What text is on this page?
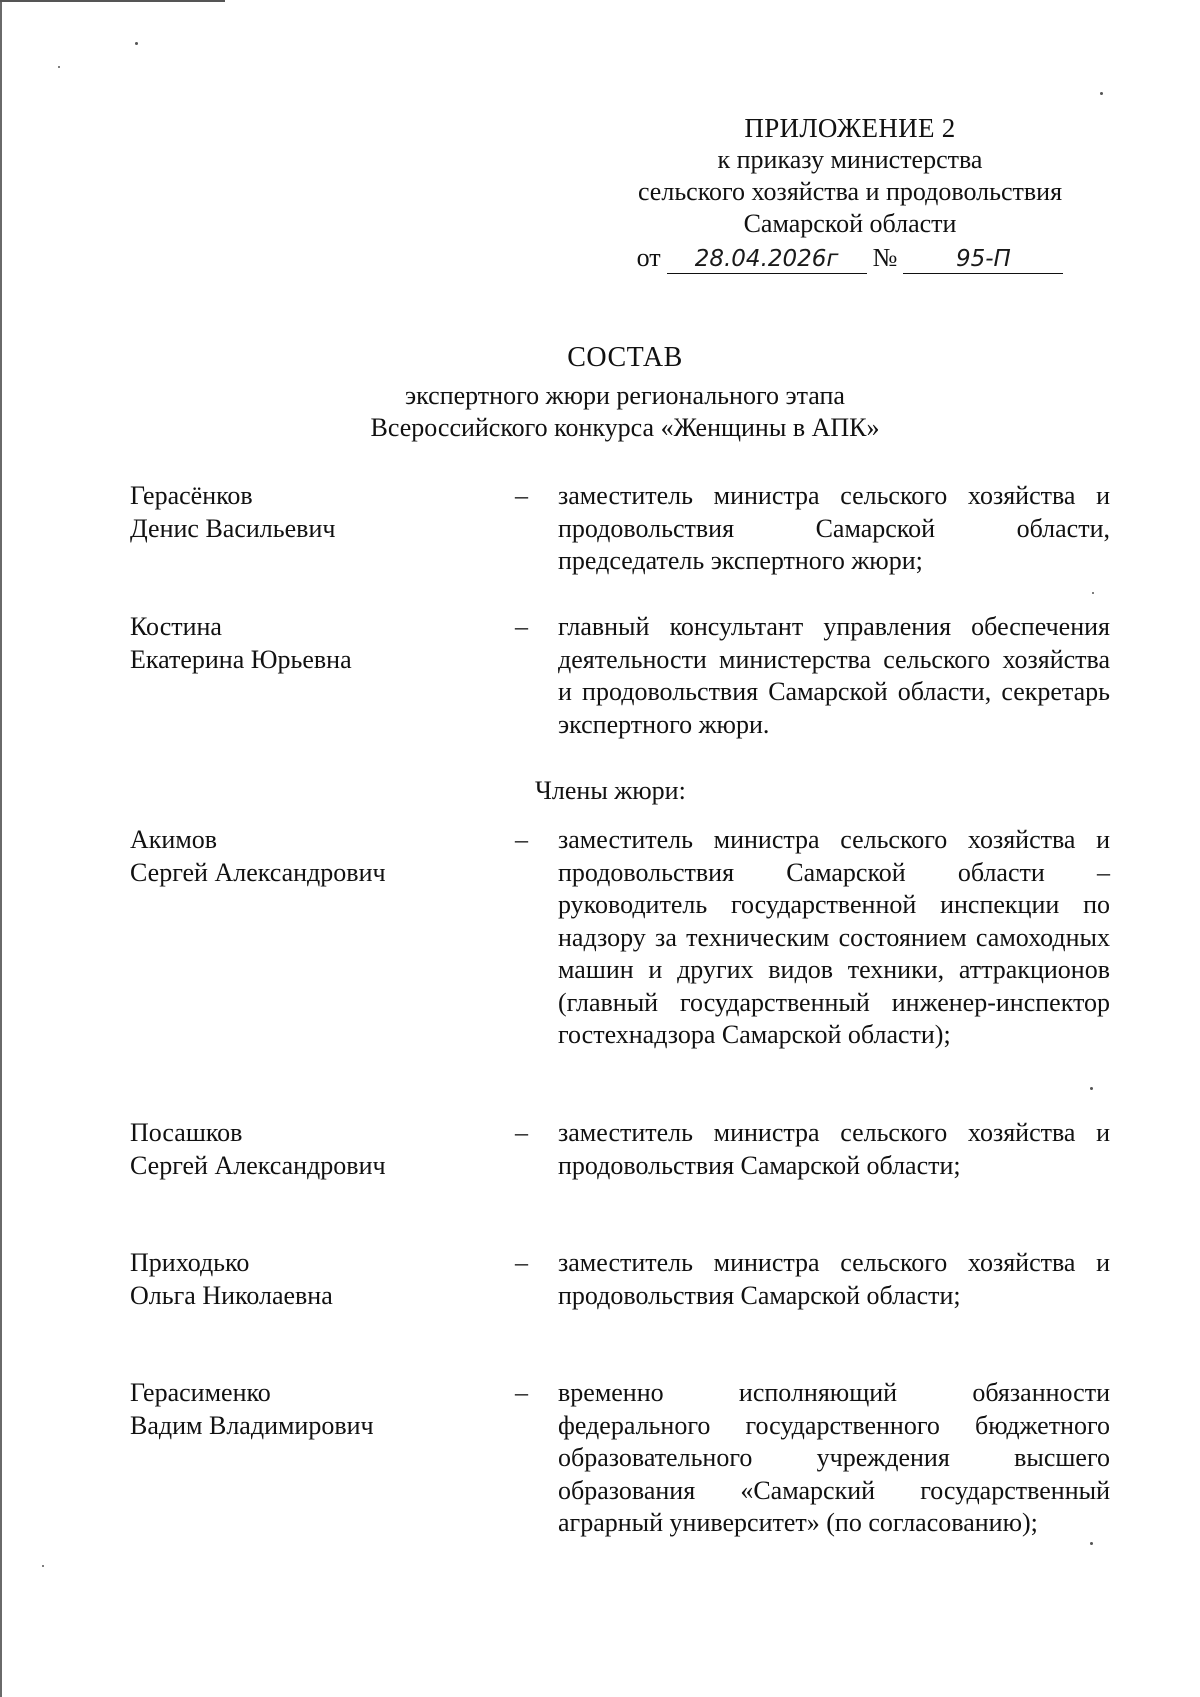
ПРИЛОЖЕНИЕ 2
к приказу министерства
сельского хозяйства и продовольствия
Самарской области
от 28.04.2026г №	95-П
СОСТАВ
экспертного жюри регионального этапа
Всероссийского конкурса «Женщины в АПК»
Герасёнков
Денис Васильевич
– заместитель министра сельского хозяйства и продовольствия Самарской области, председатель экспертного жюри;
Костина
Екатерина Юрьевна
– главный консультант управления обеспечения деятельности министерства сельского хозяйства и продовольствия Самарской области, секретарь экспертного жюри.
Члены жюри:
Акимов
Сергей Александрович
– заместитель министра сельского хозяйства и продовольствия Самарской области – руководитель государственной инспекции по надзору за техническим состоянием самоходных машин и других видов техники, аттракционов (главный государственный инженер-инспектор гостехнадзора Самарской области);
Посашков
Сергей Александрович
– заместитель министра сельского хозяйства и продовольствия Самарской области;
Приходько
Ольга Николаевна
– заместитель министра сельского хозяйства и продовольствия Самарской области;
Герасименко
Вадим Владимирович
– временно исполняющий обязанности федерального государственного бюджетного образовательного учреждения высшего образования «Самарский государственный аграрный университет» (по согласованию);
